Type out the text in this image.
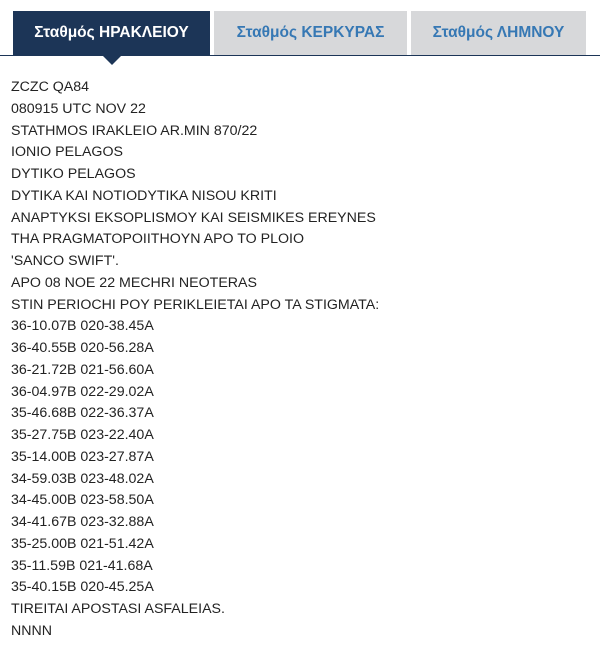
Σταθμός ΗΡΑΚΛΕΙΟΥ	Σταθμός ΚΕΡΚΥΡΑΣ	Σταθμός ΛΗΜΝΟΥ
ZCZC QA84
080915 UTC NOV 22
STATHMOS IRAKLEIO AR.MIN 870/22
IONIO PELAGOS
DYTIKO PELAGOS
DYTIKA KAI NOTIODYTIKA NISOU KRITI
ANAPTYKSI EKSOPLISMOY KAI SEISMIKES EREYNES
THA PRAGMATOPOIITHOYN APO TO PLOIO
'SANCO SWIFT'.
APO 08 NOE 22 MECHRI NEOTERAS
STIN PERIOCHI POY PERIKLEIETAI APO TA STIGMATA:
36-10.07B 020-38.45A
36-40.55B 020-56.28A
36-21.72B 021-56.60A
36-04.97B 022-29.02A
35-46.68B 022-36.37A
35-27.75B 023-22.40A
35-14.00B 023-27.87A
34-59.03B 023-48.02A
34-45.00B 023-58.50A
34-41.67B 023-32.88A
35-25.00B 021-51.42A
35-11.59B 021-41.68A
35-40.15B 020-45.25A
TIREITAI APOSTASI ASFALEIAS.
NNNN
